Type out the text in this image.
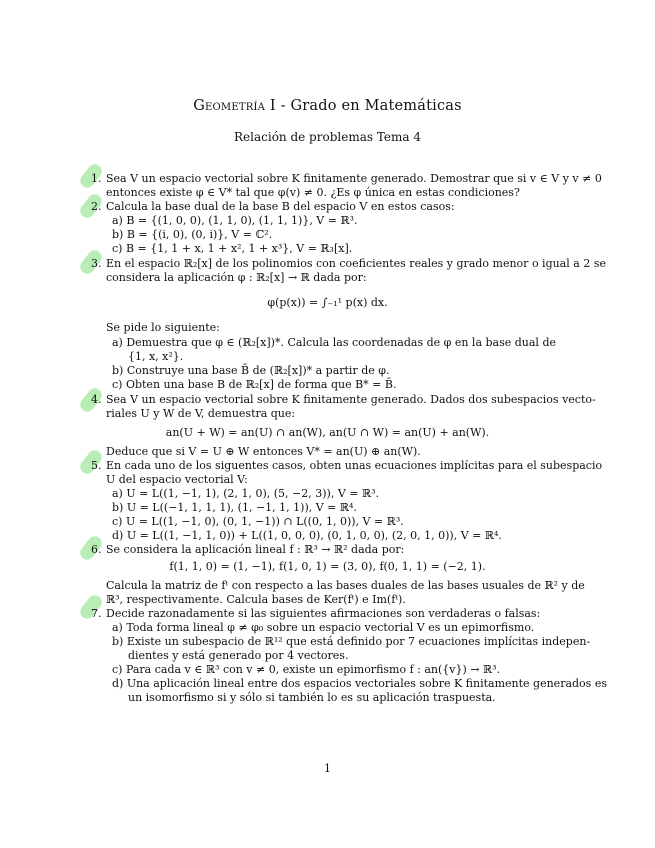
Geometría I - Grado en Matemáticas
Relación de problemas Tema 4
1. Sea V un espacio vectorial sobre K finitamente generado. Demostrar que si v ∈ V y v ≠ 0
entonces existe φ ∈ V* tal que φ(v) ≠ 0. ¿Es φ única en estas condiciones?
2. Calcula la base dual de la base B del espacio V en estos casos:
a) B = {(1, 0, 0), (1, 1, 0), (1, 1, 1)}, V = ℝ³.
b) B = {(i, 0), (0, i)}, V = ℂ².
c) B = {1, 1 + x, 1 + x², 1 + x³}, V = ℝ₃[x].
3. En el espacio ℝ₂[x] de los polinomios con coeficientes reales y grado menor o igual a 2 se
considera la aplicación φ : ℝ₂[x] → ℝ dada por:
φ(p(x)) = ∫₋₁¹ p(x) dx.
Se pide lo siguiente:
a) Demuestra que φ ∈ (ℝ₂[x])*. Calcula las coordenadas de φ en la base dual de
{1, x, x²}.
b) Construye una base B̄ de (ℝ₂[x])* a partir de φ.
c) Obten una base B de ℝ₂[x] de forma que B* = B̄.
4. Sea V un espacio vectorial sobre K finitamente generado. Dados dos subespacios vecto-
riales U y W de V, demuestra que:
an(U + W) = an(U) ∩ an(W), an(U ∩ W) = an(U) + an(W).
Deduce que si V = U ⊕ W entonces V* = an(U) ⊕ an(W).
5. En cada uno de los siguentes casos, obten unas ecuaciones implícitas para el subespacio
U del espacio vectorial V:
a) U = L((1, −1, 1), (2, 1, 0), (5, −2, 3)), V = ℝ³.
b) U = L((−1, 1, 1, 1), (1, −1, 1, 1)), V = ℝ⁴.
c) U = L((1, −1, 0), (0, 1, −1)) ∩ L((0, 1, 0)), V = ℝ³.
d) U = L((1, −1, 1, 0)) + L((1, 0, 0, 0), (0, 1, 0, 0), (2, 0, 1, 0)), V = ℝ⁴.
6. Se considera la aplicación lineal f : ℝ³ → ℝ² dada por:
f(1, 1, 0) = (1, −1), f(1, 0, 1) = (3, 0), f(0, 1, 1) = (−2, 1).
Calcula la matriz de fᵗ con respecto a las bases duales de las bases usuales de ℝ² y de
ℝ³, respectivamente. Calcula bases de Ker(fᵗ) e Im(fᵗ).
7. Decide razonadamente si las siguientes afirmaciones son verdaderas o falsas:
a) Toda forma lineal φ ≠ φ₀ sobre un espacio vectorial V es un epimorfismo.
b) Existe un subespacio de ℝ¹² que está definido por 7 ecuaciones implícitas indepen-
dientes y está generado por 4 vectores.
c) Para cada v ∈ ℝ³ con v ≠ 0, existe un epimorfismo f : an({v}) → ℝ³.
d) Una aplicación lineal entre dos espacios vectoriales sobre K finitamente generados es
un isomorfismo si y sólo si también lo es su aplicación traspuesta.
1
